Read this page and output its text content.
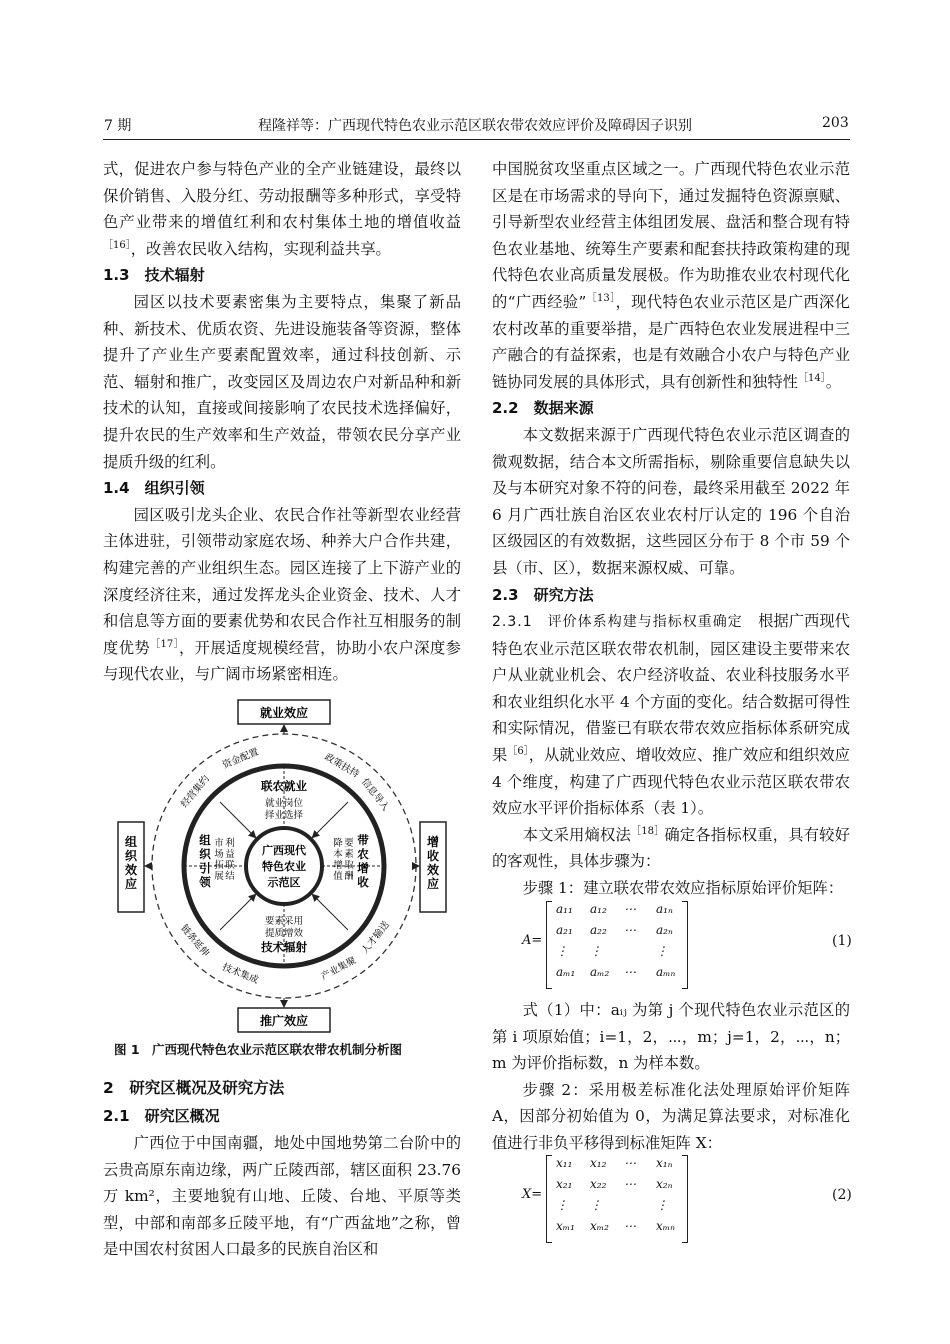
7 期	程隆祥等：广西现代特色农业示范区联农带农效应评价及障碍因子识别	203

式，促进农户参与特色产业的全产业链建设，最终以保价销售、入股分红、劳动报酬等多种形式，享受特色产业带来的增值红利和农村集体土地的增值收益$^{[16]}$，改善农民收入结构，实现利益共享。

1.3　技术辐射

园区以技术要素密集为主要特点，集聚了新品种、新技术、优质农资、先进设施装备等资源，整体提升了产业生产要素配置效率，通过科技创新、示范、辐射和推广，改变园区及周边农户对新品种和新技术的认知，直接或间接影响了农民技术选择偏好，提升农民的生产效率和生产效益，带领农民分享产业提质升级的红利。

1.4　组织引领

园区吸引龙头企业、农民合作社等新型农业经营主体进驻，引领带动家庭农场、种养大户合作共建，构建完善的产业组织生态。园区连接了上下游产业的深度经济往来，通过发挥龙头企业资金、技术、人才和信息等方面的要素优势和农民合作社互相服务的制度优势$^{[17]}$，开展适度规模经营，协助小农户深度参与现代农业，与广阔市场紧密相连。

就业效应
推广效应
组
织
效
应
增
收
效
应
广西现代
特色农业
示范区
联农就业
就业岗位
择业选择
要素采用
提质增效
技术辐射
组
织
引
领
市
场
拓
展
利
益
联
结
带
农
增
收
降
本
增
值
要
素
取
酬
资金配置	政策扶持
信息导入
人才输送
产业集聚
技术集成
链条延伸
经营集约
图 1　广西现代特色农业示范区联农带农机制分析图

2　研究区概况及研究方法

2.1　研究区概况

广西位于中国南疆，地处中国地势第二台阶中的云贵高原东南边缘，两广丘陵西部，辖区面积 23.76 万 km²，主要地貌有山地、丘陵、台地、平原等类型，中部和南部多丘陵平地，有“广西盆地”之称，曾是中国农村贫困人口最多的民族自治区和

中国脱贫攻坚重点区域之一。广西现代特色农业示范区是在市场需求的导向下，通过发掘特色资源禀赋、引导新型农业经营主体组团发展、盘活和整合现有特色农业基地、统筹生产要素和配套扶持政策构建的现代特色农业高质量发展极。作为助推农业农村现代化的“广西经验”$^{[13]}$，现代特色农业示范区是广西深化农村改革的重要举措，是广西特色农业发展进程中三产融合的有益探索，也是有效融合小农户与特色产业链协同发展的具体形式，具有创新性和独特性$^{[14]}$。

2.2　数据来源

本文数据来源于广西现代特色农业示范区调查的微观数据，结合本文所需指标，剔除重要信息缺失以及与本研究对象不符的问卷，最终采用截至 2022 年 6 月广西壮族自治区农业农村厅认定的 196 个自治区级园区的有效数据，这些园区分布于 8 个市 59 个县（市、区），数据来源权威、可靠。

2.3　研究方法

2.3.1　评价体系构建与指标权重确定　 根据广西现代特色农业示范区联农带农机制，园区建设主要带来农户从业就业机会、农户经济收益、农业科技服务水平和农业组织化水平 4 个方面的变化。结合数据可得性和实际情况，借鉴已有联农带农效应指标体系研究成果$^{[6]}$，从就业效应、增收效应、推广效应和组织效应 4 个维度，构建了广西现代特色农业示范区联农带农效应水平评价指标体系（表 1）。

本文采用熵权法$^{[18]}$确定各指标权重，具有较好的客观性，具体步骤为：

步骤 1：建立联农带农效应指标原始评价矩阵：

A=
a₁₁ a₁₂ ⋯ a₁ₙ
a₂₁ a₂₂ ⋯ a₂ₙ
⋮ ⋮	⋮
aₘ₁ aₘ₂ ⋯ aₘₙ
(1)

式（1）中：aᵢⱼ 为第 j 个现代特色农业示范区的第 i 项原始值；i=1，2，⋯，m；j=1，2，⋯，n；m 为评价指标数，n 为样本数。

步骤 2：采用极差标准化法处理原始评价矩阵 A，因部分初始值为 0，为满足算法要求，对标准化值进行非负平移得到标准矩阵 X：

X=
x₁₁ x₁₂ ⋯ x₁ₙ
x₂₁ x₂₂ ⋯ x₂ₙ
⋮ ⋮	⋮
xₘ₁ xₘ₂ ⋯ xₘₙ
(2)
